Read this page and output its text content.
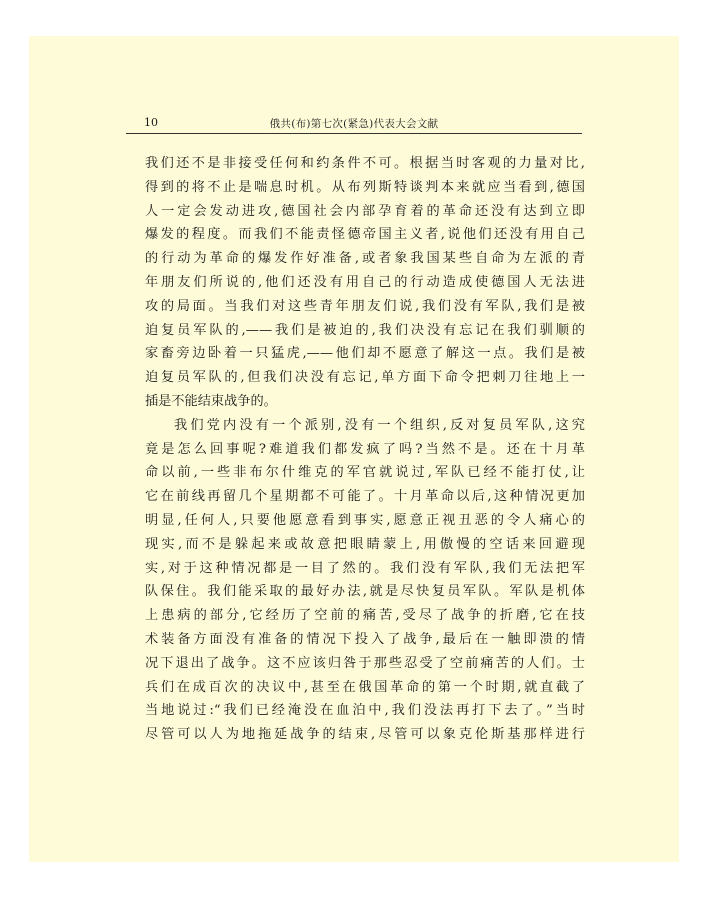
10	俄共(布)第七次(紧急)代表大会文献
我们还不是非接受任何和约条件不可。根据当时客观的力量对比,
得到的将不止是喘息时机。从布列斯特谈判本来就应当看到,德国
人一定会发动进攻,德国社会内部孕育着的革命还没有达到立即
爆发的程度。而我们不能责怪德帝国主义者,说他们还没有用自己
的行动为革命的爆发作好准备,或者象我国某些自命为左派的青
年朋友们所说的,他们还没有用自己的行动造成使德国人无法进
攻的局面。当我们对这些青年朋友们说,我们没有军队,我们是被
迫复员军队的,——我们是被迫的,我们决没有忘记在我们驯顺的
家畜旁边卧着一只猛虎,——他们却不愿意了解这一点。我们是被
迫复员军队的,但我们决没有忘记,单方面下命令把刺刀往地上一
插是不能结束战争的。
我们党内没有一个派别,没有一个组织,反对复员军队,这究
竟是怎么回事呢?难道我们都发疯了吗?当然不是。还在十月革
命以前,一些非布尔什维克的军官就说过,军队已经不能打仗,让
它在前线再留几个星期都不可能了。十月革命以后,这种情况更加
明显,任何人,只要他愿意看到事实,愿意正视丑恶的令人痛心的
现实,而不是躲起来或故意把眼睛蒙上,用傲慢的空话来回避现
实,对于这种情况都是一目了然的。我们没有军队,我们无法把军
队保住。我们能采取的最好办法,就是尽快复员军队。军队是机体
上患病的部分,它经历了空前的痛苦,受尽了战争的折磨,它在技
术装备方面没有准备的情况下投入了战争,最后在一触即溃的情
况下退出了战争。这不应该归咎于那些忍受了空前痛苦的人们。士
兵们在成百次的决议中,甚至在俄国革命的第一个时期,就直截了
当地说过:“我们已经淹没在血泊中,我们没法再打下去了。”当时
尽管可以人为地拖延战争的结束,尽管可以象克伦斯基那样进行
